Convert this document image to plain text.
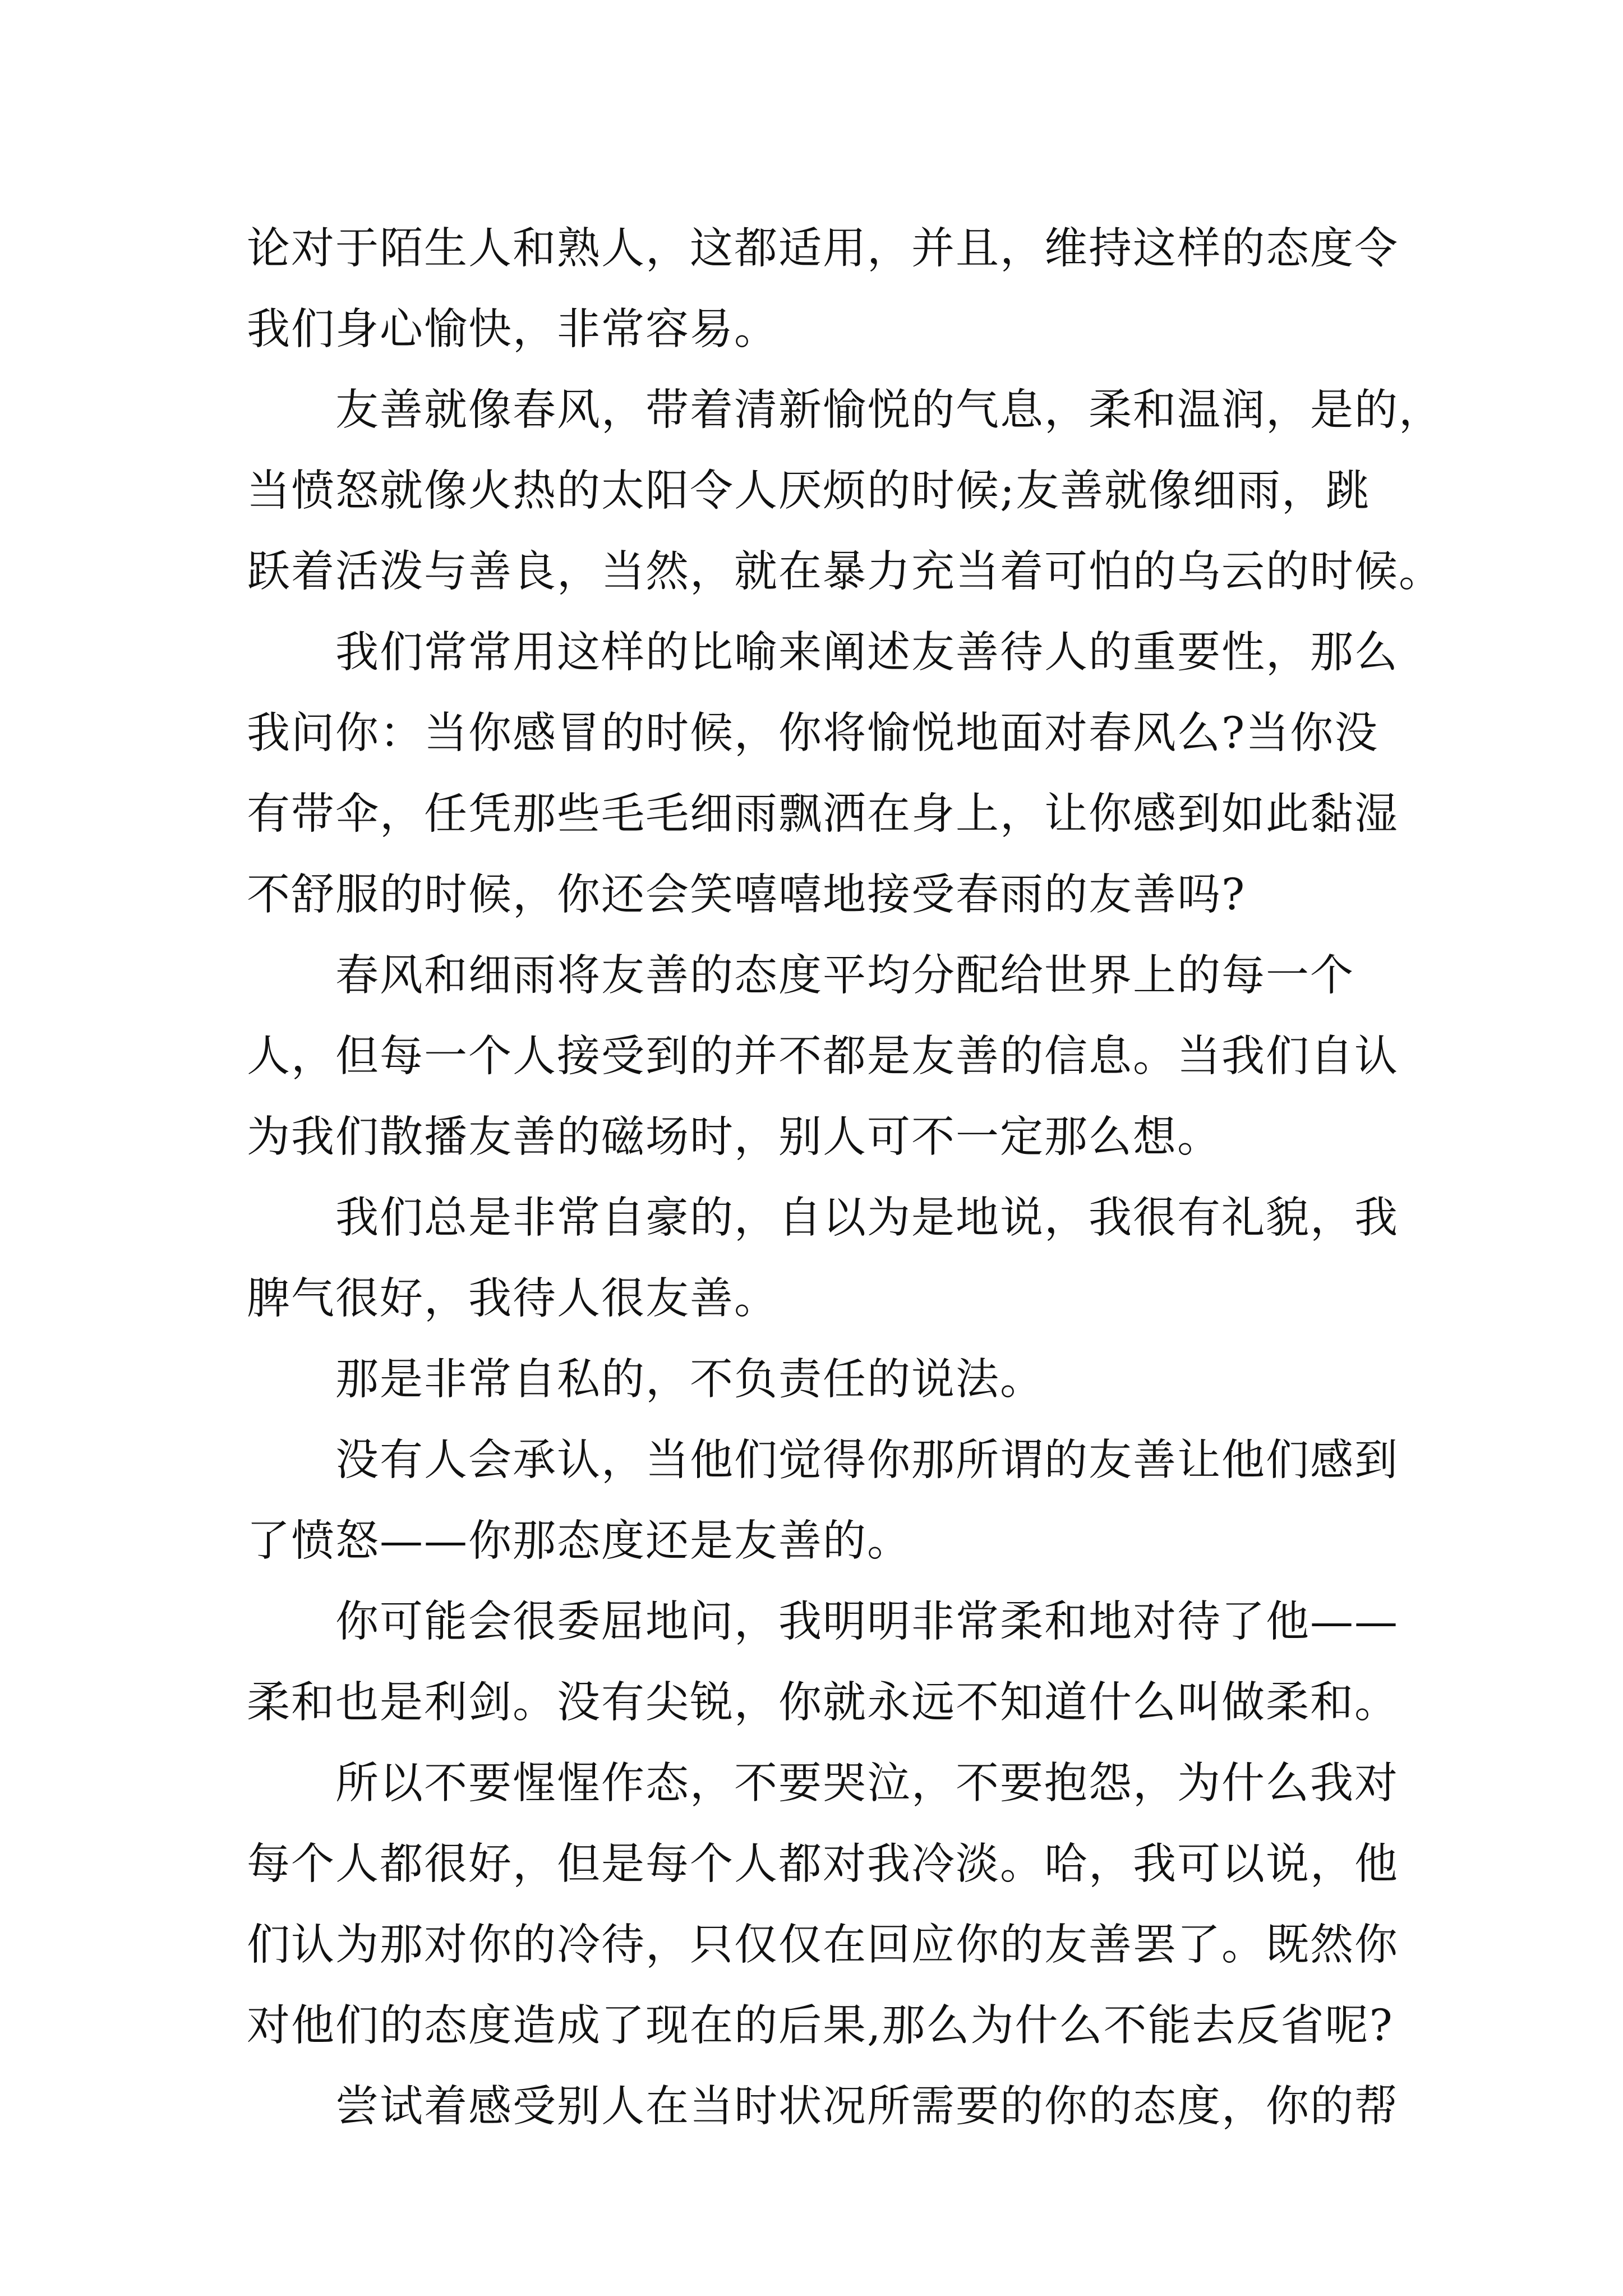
论对于陌生人和熟人，这都适用，并且，维持这样的态度令
我们身心愉快，非常容易。
友善就像春风，带着清新愉悦的气息，柔和温润，是的，
当愤怒就像火热的太阳令人厌烦的时候;友善就像细雨，跳
跃着活泼与善良，当然，就在暴力充当着可怕的乌云的时候。
我们常常用这样的比喻来阐述友善待人的重要性，那么
我问你：当你感冒的时候，你将愉悦地面对春风么?当你没
有带伞，任凭那些毛毛细雨飘洒在身上，让你感到如此黏湿
不舒服的时候，你还会笑嘻嘻地接受春雨的友善吗?
春风和细雨将友善的态度平均分配给世界上的每一个
人，但每一个人接受到的并不都是友善的信息。当我们自认
为我们散播友善的磁场时，别人可不一定那么想。
我们总是非常自豪的，自以为是地说，我很有礼貌，我
脾气很好，我待人很友善。
那是非常自私的，不负责任的说法。
没有人会承认，当他们觉得你那所谓的友善让他们感到
了愤怒——你那态度还是友善的。
你可能会很委屈地问，我明明非常柔和地对待了他——
柔和也是利剑。没有尖锐，你就永远不知道什么叫做柔和。
所以不要惺惺作态，不要哭泣，不要抱怨，为什么我对
每个人都很好，但是每个人都对我冷淡。哈，我可以说，他
们认为那对你的冷待，只仅仅在回应你的友善罢了。既然你
对他们的态度造成了现在的后果,那么为什么不能去反省呢?
尝试着感受别人在当时状况所需要的你的态度，你的帮
